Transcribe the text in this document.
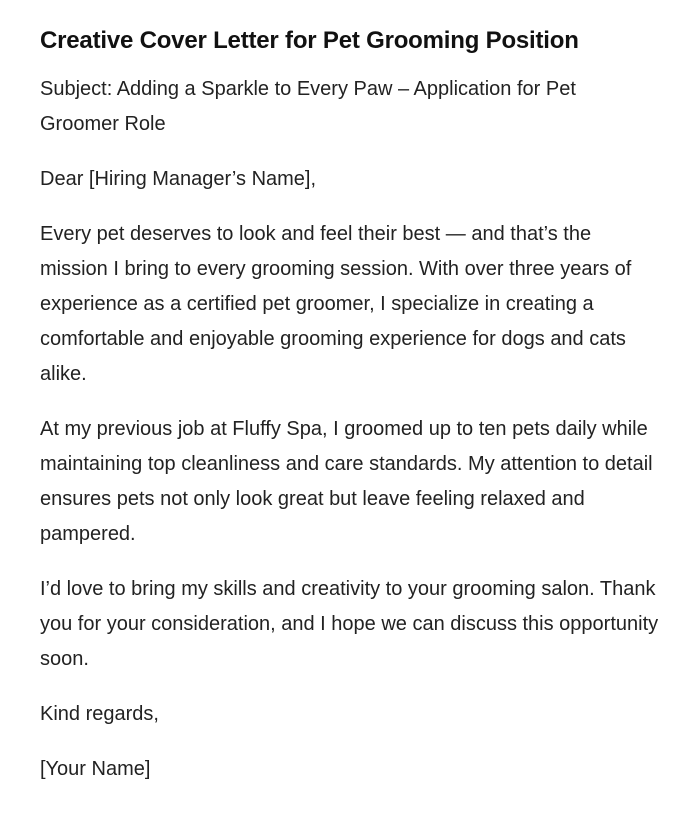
Creative Cover Letter for Pet Grooming Position

Subject: Adding a Sparkle to Every Paw – Application for Pet Groomer Role

Dear [Hiring Manager’s Name],

Every pet deserves to look and feel their best — and that’s the mission I bring to every grooming session. With over three years of experience as a certified pet groomer, I specialize in creating a comfortable and enjoyable grooming experience for dogs and cats alike.

At my previous job at Fluffy Spa, I groomed up to ten pets daily while maintaining top cleanliness and care standards. My attention to detail ensures pets not only look great but leave feeling relaxed and pampered.

I’d love to bring my skills and creativity to your grooming salon. Thank you for your consideration, and I hope we can discuss this opportunity soon.

Kind regards,

[Your Name]
